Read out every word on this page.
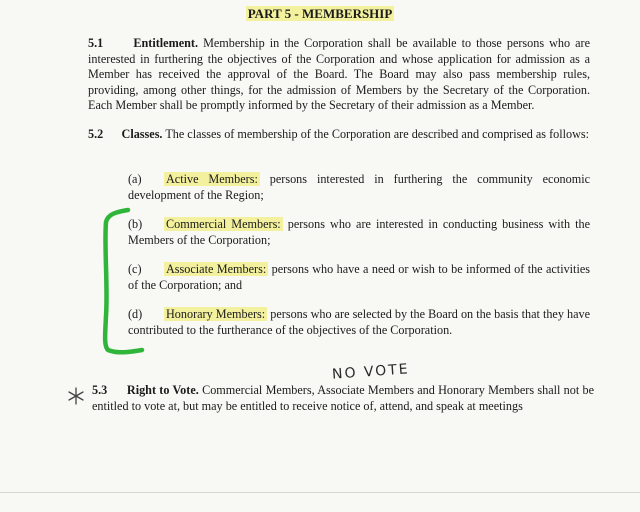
PART 5 - MEMBERSHIP
5.1 Entitlement. Membership in the Corporation shall be available to those persons who are interested in furthering the objectives of the Corporation and whose application for admission as a Member has received the approval of the Board. The Board may also pass membership rules, providing, among other things, for the admission of Members by the Secretary of the Corporation. Each Member shall be promptly informed by the Secretary of their admission as a Member.
5.2 Classes. The classes of membership of the Corporation are described and comprised as follows:
(a) Active Members: persons interested in furthering the community economic development of the Region;
(b) Commercial Members: persons who are interested in conducting business with the Members of the Corporation;
(c) Associate Members: persons who have a need or wish to be informed of the activities of the Corporation; and
(d) Honorary Members: persons who are selected by the Board on the basis that they have contributed to the furtherance of the objectives of the Corporation.
NO VOTE
5.3 Right to Vote. Commercial Members, Associate Members and Honorary Members shall not be entitled to vote at, but may be entitled to receive notice of, attend, and speak at meetings
